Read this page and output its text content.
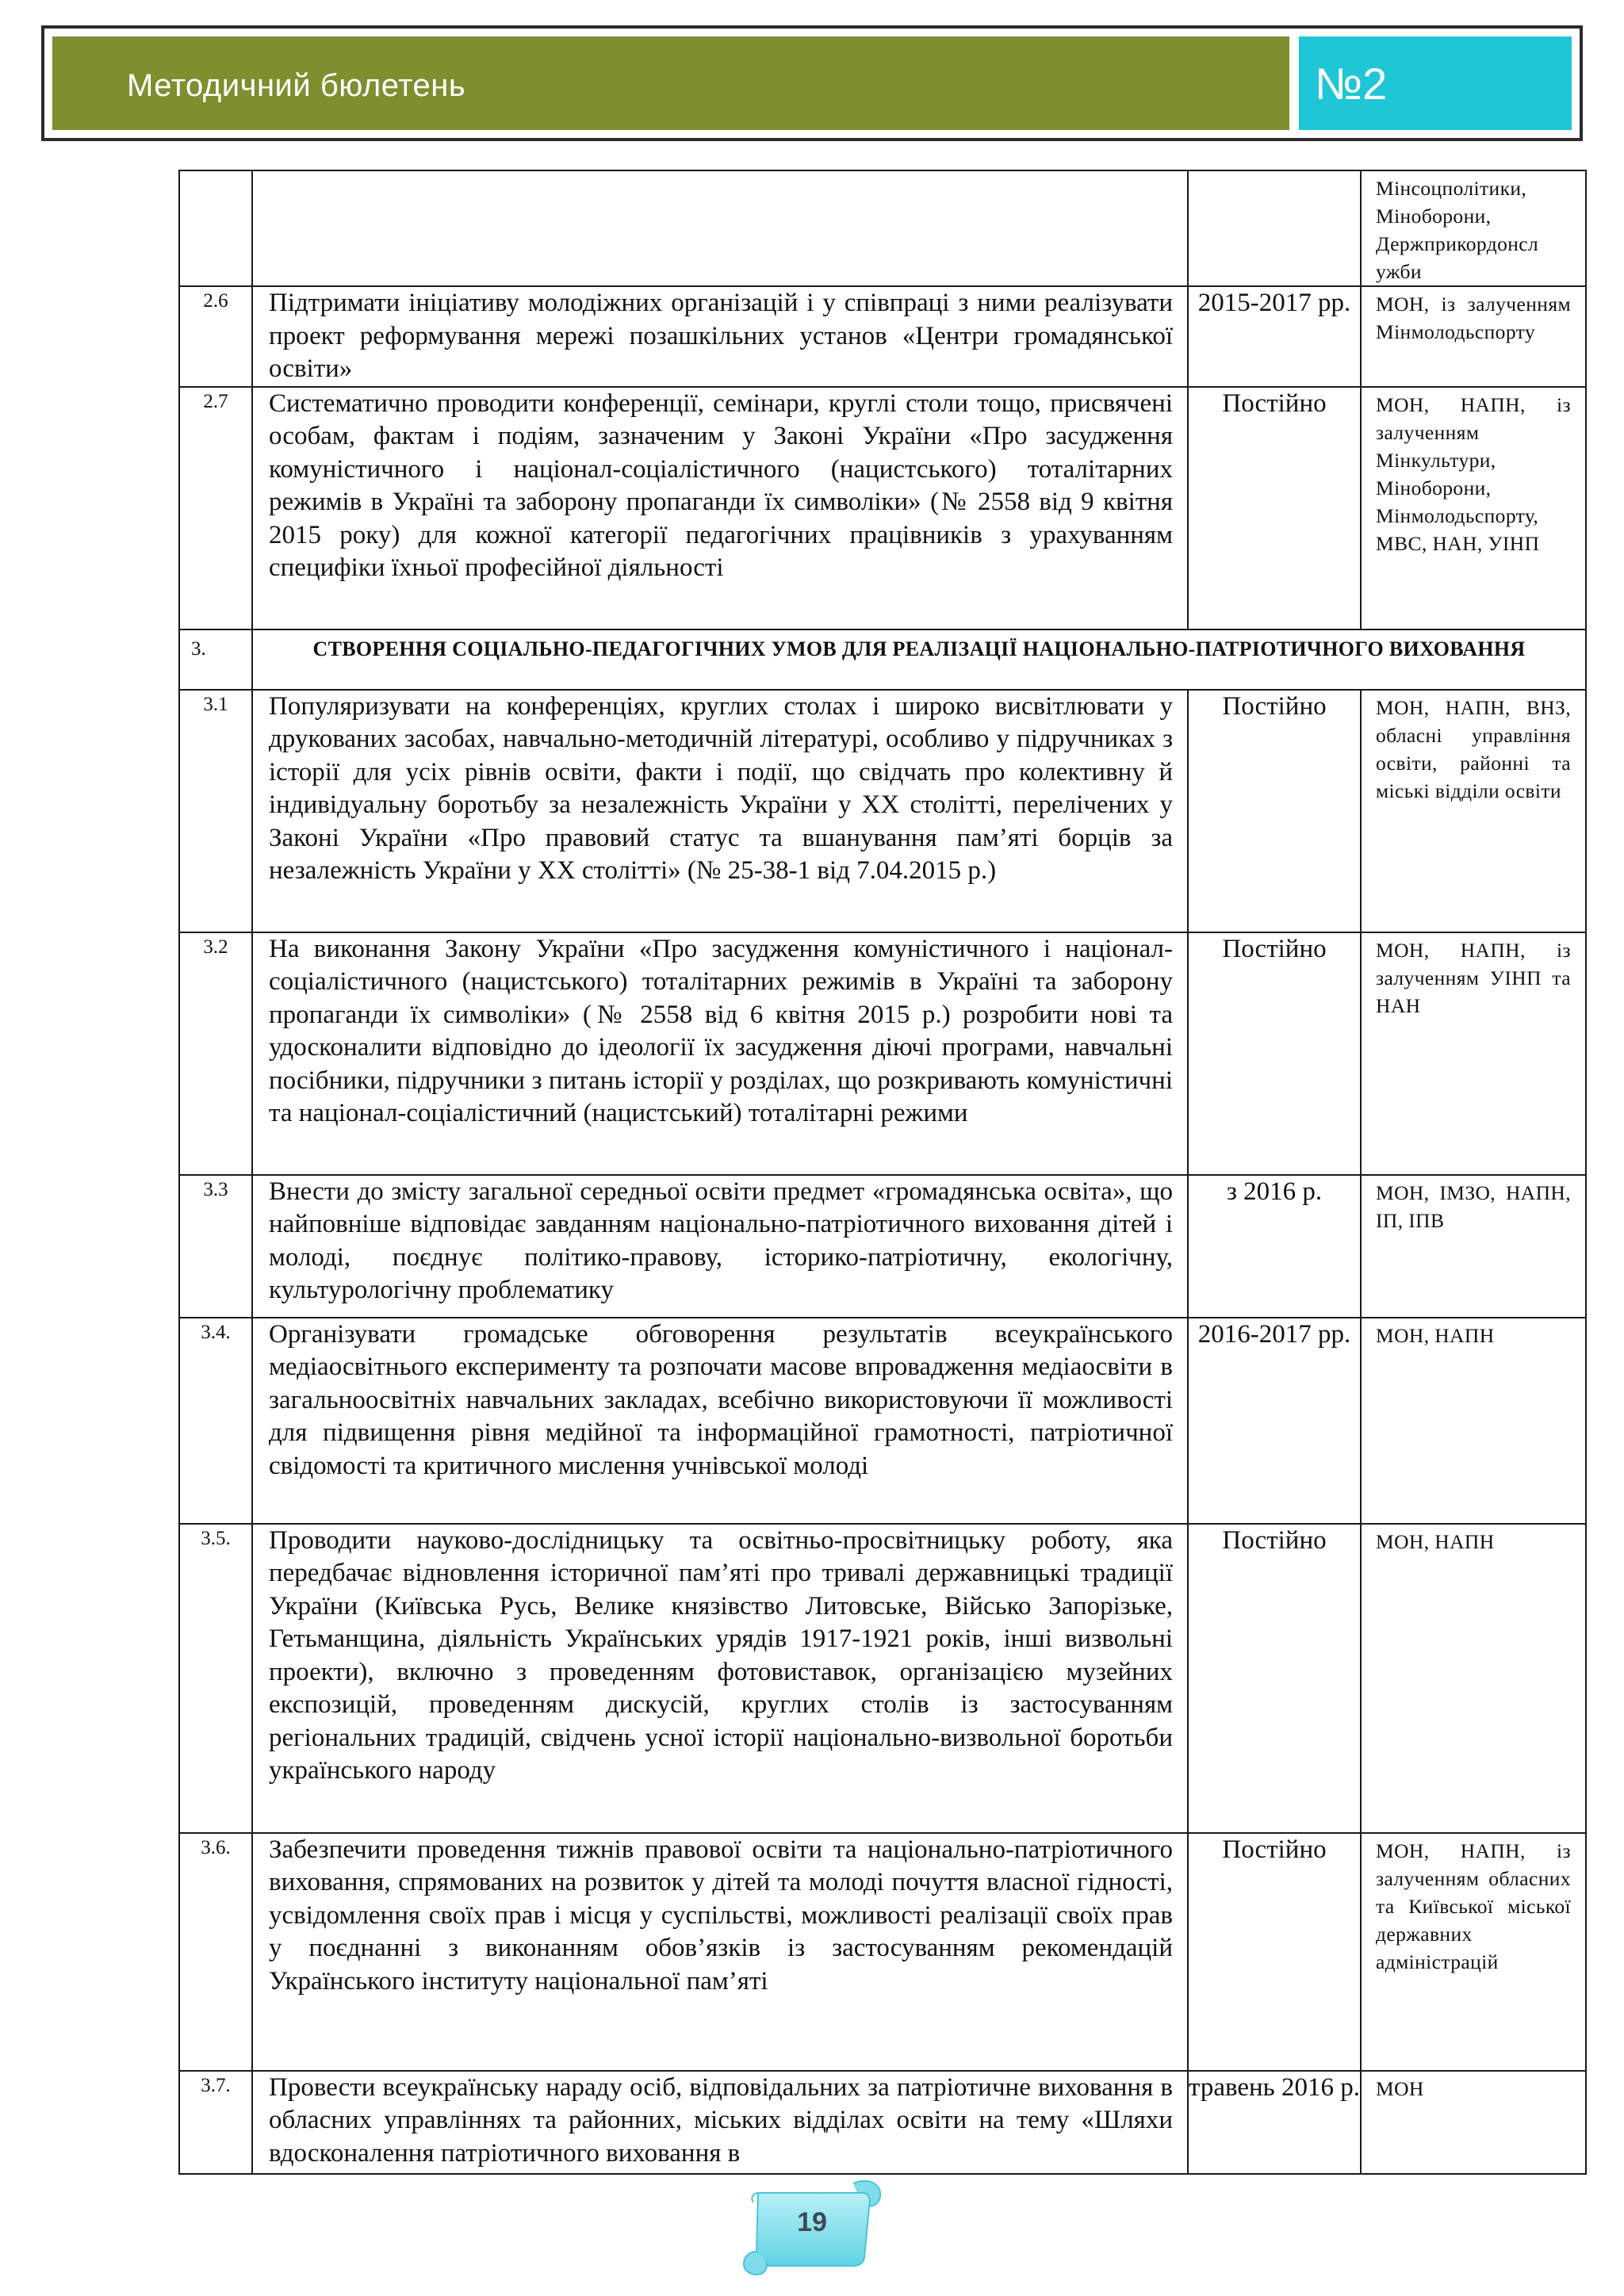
Методичний бюлетень	№2
			Мінсоцполітики,
Міноборони,
Держприкордонсл
ужби
2.6	Підтримати ініціативу молодіжних організацій і у співпраці з ними реалізувати проект реформування мережі позашкільних установ «Центри громадянської освіти»	2015-2017 рр.	МОН, із залученням Мінмолодьспорту
2.7	Систематично проводити конференції, семінари, круглі столи тощо, присвячені особам, фактам і подіям, зазначеним у Законі України «Про засудження комуністичного і націонал-соціалістичного (нацистського) тоталітарних режимів в Україні та заборону пропаганди їх символіки» (№ 2558 від 9 квітня 2015 року) для кожної категорії педагогічних працівників з урахуванням специфіки їхньої професійної діяльності	Постійно	МОН, НАПН, із залученням Мінкультури, Міноборони, Мінмолодьспорту, МВС, НАН, УІНП
3.	СТВОРЕННЯ СОЦІАЛЬНО-ПЕДАГОГІЧНИХ УМОВ ДЛЯ РЕАЛІЗАЦІЇ НАЦІОНАЛЬНО-ПАТРІОТИЧНОГО ВИХОВАННЯ		
3.1	Популяризувати на конференціях, круглих столах і широко висвітлювати у друкованих засобах, навчально-методичній літературі, особливо у підручниках з історії для усіх рівнів освіти, факти і події, що свідчать про колективну й індивідуальну боротьбу за незалежність України у ХХ столітті, перелічених у Законі України «Про правовий статус та вшанування пам’яті борців за незалежність України у ХХ столітті» (№ 25-38-1 від 7.04.2015 р.)	Постійно	МОН, НАПН, ВНЗ, обласні управління освіти, районні та міські відділи освіти
3.2	На виконання Закону України «Про засудження комуністичного і націонал-соціалістичного (нацистського) тоталітарних режимів в Україні та заборону пропаганди їх символіки» (№ 2558 від 6 квітня 2015 р.) розробити нові та удосконалити відповідно до ідеології їх засудження діючі програми, навчальні посібники, підручники з питань історії у розділах, що розкривають комуністичні та націонал-соціалістичний (нацистський) тоталітарні режими	Постійно	МОН, НАПН, із залученням УІНП та НАН
3.3	Внести до змісту загальної середньої освіти предмет «громадянська освіта», що найповніше відповідає завданням національно-патріотичного виховання дітей і молоді, поєднує політико-правову, історико-патріотичну, екологічну, культурологічну проблематику	з 2016 р.	МОН, ІМЗО, НАПН, ІП, ІПВ
3.4.	Організувати громадське обговорення результатів всеукраїнського медіаосвітнього експерименту та розпочати масове впровадження медіаосвіти в загальноосвітніх навчальних закладах, всебічно використовуючи її можливості для підвищення рівня медійної та інформаційної грамотності, патріотичної свідомості та критичного мислення учнівської молоді	2016-2017 рр.	МОН, НАПН
3.5.	Проводити науково-дослідницьку та освітньо-просвітницьку роботу, яка передбачає відновлення історичної пам’яті про тривалі державницькі традиції України (Київська Русь, Велике князівство Литовське, Військо Запорізьке, Гетьманщина, діяльність Українських урядів 1917-1921 років, інші визвольні проекти), включно з проведенням фотовиставок, організацією музейних експозицій, проведенням дискусій, круглих столів із застосуванням регіональних традицій, свідчень усної історії національно-визвольної боротьби українського народу	Постійно	МОН, НАПН
3.6.	Забезпечити проведення тижнів правової освіти та національно-патріотичного виховання, спрямованих на розвиток у дітей та молоді почуття власної гідності, усвідомлення своїх прав і місця у суспільстві, можливості реалізації своїх прав у поєднанні з виконанням обов’язків із застосуванням рекомендацій Українського інституту національної пам’яті	Постійно	МОН, НАПН, із залученням обласних та Київської міської державних адміністрацій
3.7.	Провести всеукраїнську нараду осіб, відповідальних за патріотичне виховання в обласних управліннях та районних, міських відділах освіти на тему «Шляхи вдосконалення патріотичного виховання в	травень 2016 р.	МОН
19
